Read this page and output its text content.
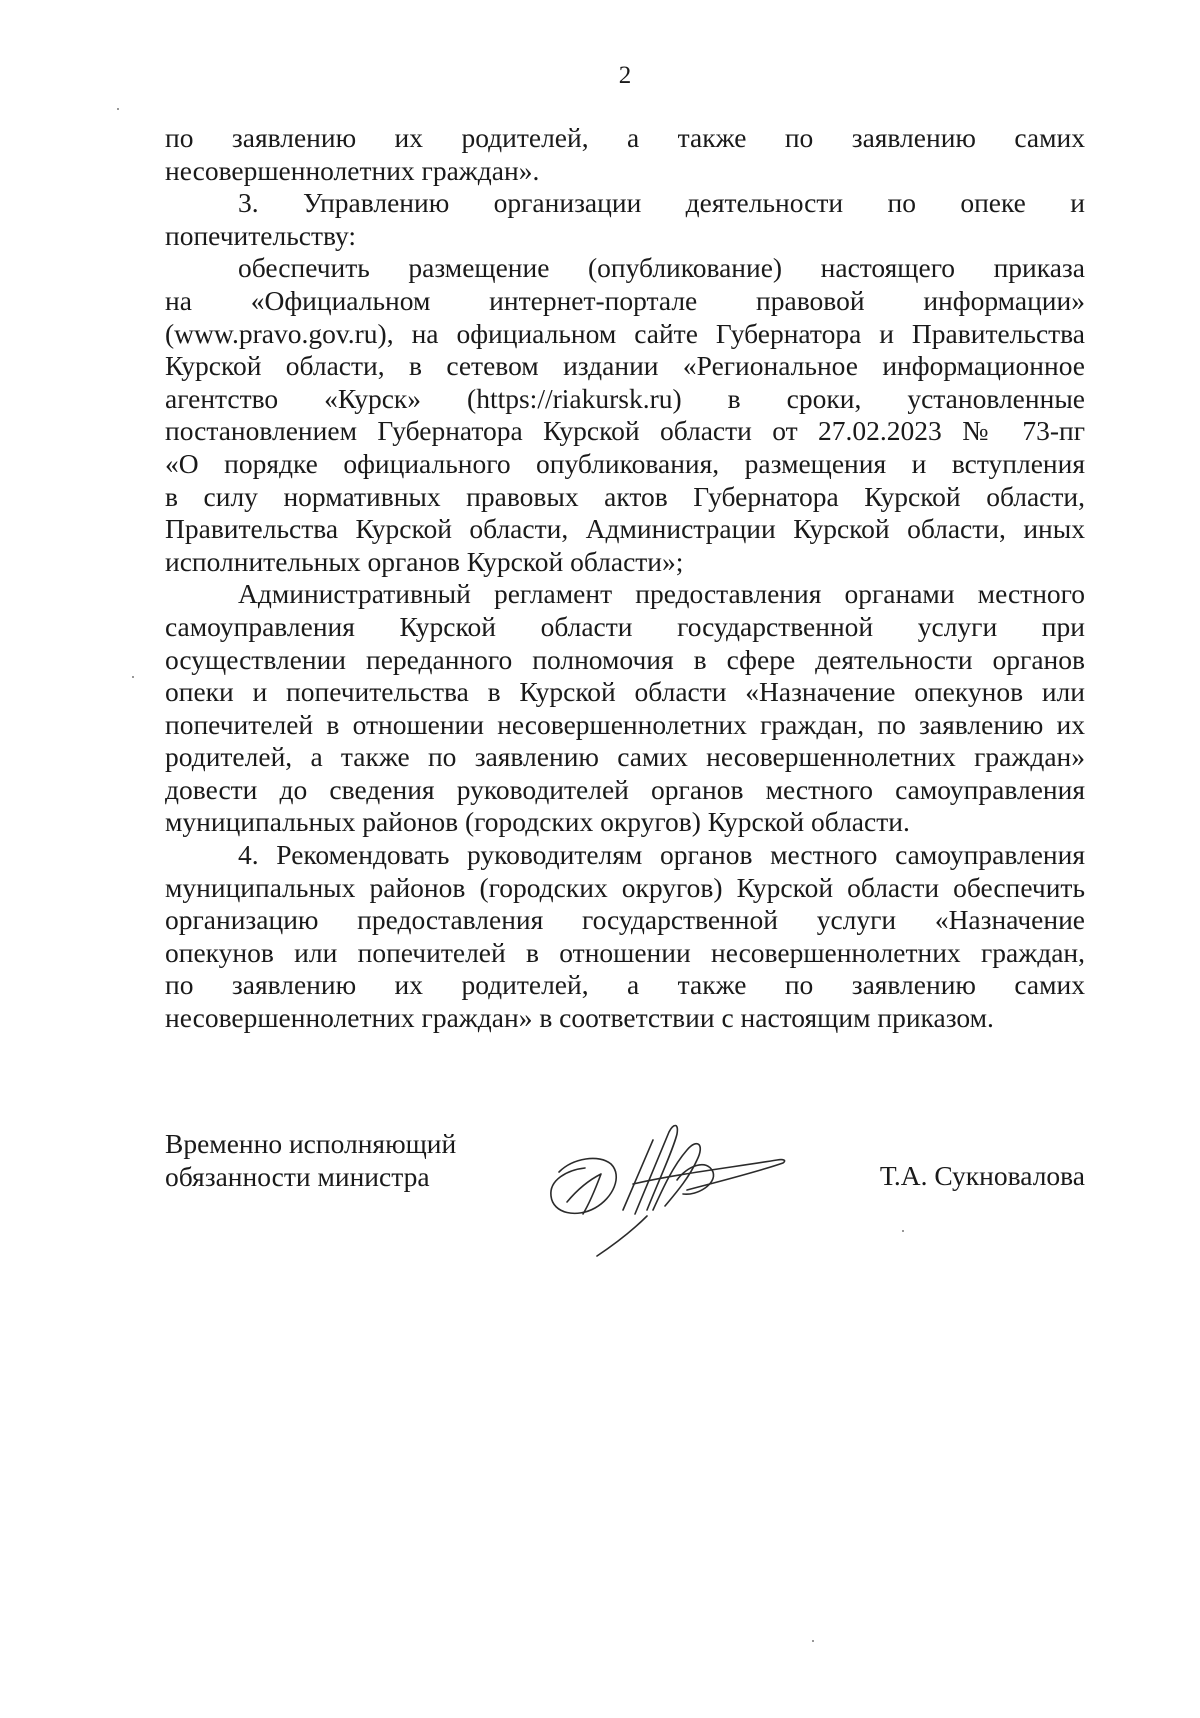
2

по заявлению их родителей, а также по заявлению самих

несовершеннолетних граждан».

3. Управлению организации деятельности по опеке и

попечительству:

обеспечить размещение (опубликование) настоящего приказа

на «Официальном интернет-портале правовой информации»

(www.pravo.gov.ru), на официальном сайте Губернатора и Правительства

Курской области, в сетевом издании «Региональное информационное

агентство «Курск» (https://riakursk.ru) в сроки, установленные

постановлением Губернатора Курской области от 27.02.2023 № 73-пг

«О порядке официального опубликования, размещения и вступления

в силу нормативных правовых актов Губернатора Курской области,

Правительства Курской области, Администрации Курской области, иных

исполнительных органов Курской области»;

Административный регламент предоставления органами местного

самоуправления Курской области государственной услуги при

осуществлении переданного полномочия в сфере деятельности органов

опеки и попечительства в Курской области «Назначение опекунов или

попечителей в отношении несовершеннолетних граждан, по заявлению их

родителей, а также по заявлению самих несовершеннолетних граждан»

довести до сведения руководителей органов местного самоуправления

муниципальных районов (городских округов) Курской области.

4. Рекомендовать руководителям органов местного самоуправления

муниципальных районов (городских округов) Курской области обеспечить

организацию предоставления государственной услуги «Назначение

опекунов или попечителей в отношении несовершеннолетних граждан,

по заявлению их родителей, а также по заявлению самих

несовершеннолетних граждан» в соответствии с настоящим приказом.

Временно исполняющий
обязанности министра	Т.А. Сукновалова
